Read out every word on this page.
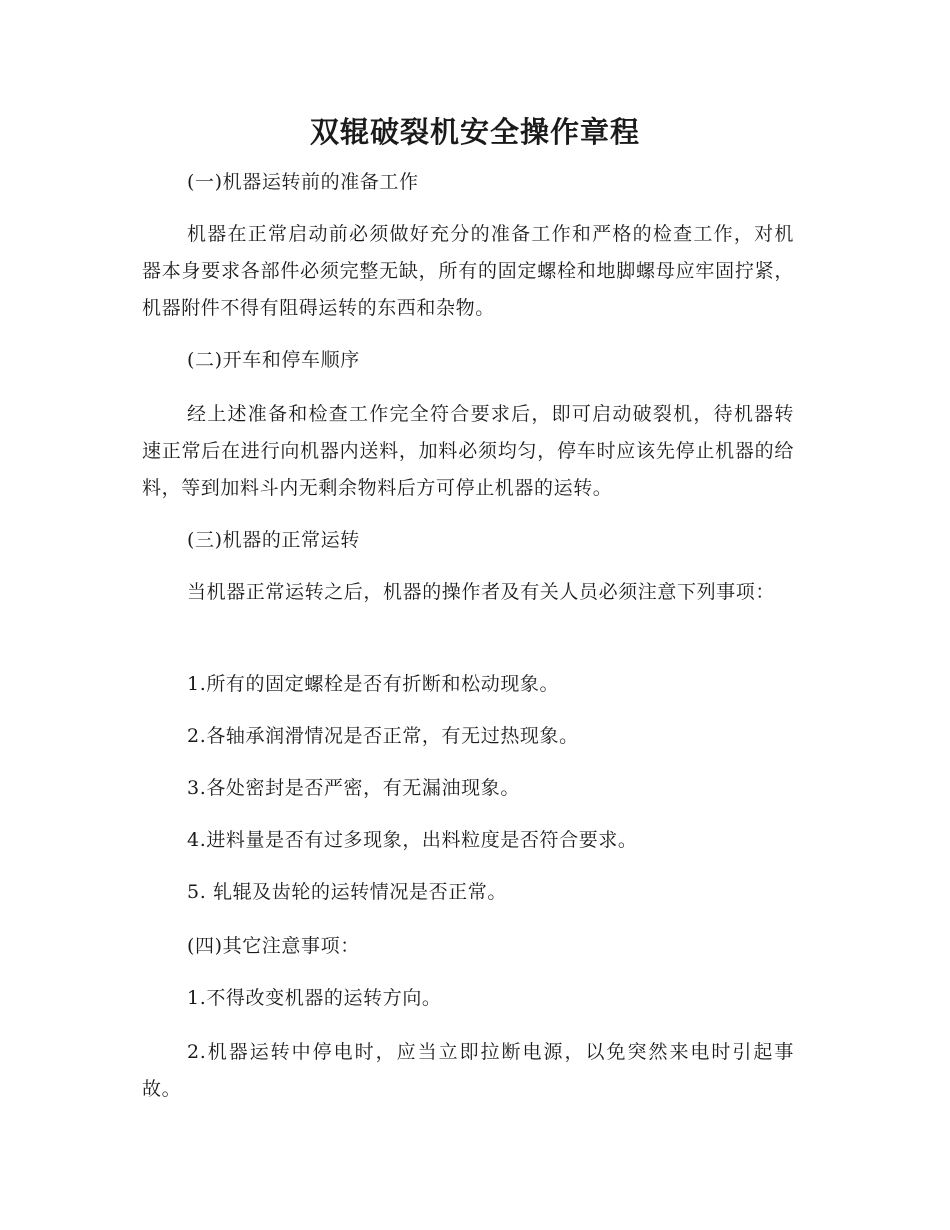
双辊破裂机安全操作章程

(一)机器运转前的准备工作

机器在正常启动前必须做好充分的准备工作和严格的检查工作，对机器本身要求各部件必须完整无缺，所有的固定螺栓和地脚螺母应牢固拧紧，机器附件不得有阻碍运转的东西和杂物。

(二)开车和停车顺序

经上述准备和检查工作完全符合要求后，即可启动破裂机，待机器转速正常后在进行向机器内送料，加料必须均匀，停车时应该先停止机器的给料，等到加料斗内无剩余物料后方可停止机器的运转。

(三)机器的正常运转

当机器正常运转之后，机器的操作者及有关人员必须注意下列事项：

1.所有的固定螺栓是否有折断和松动现象。

2.各轴承润滑情况是否正常，有无过热现象。

3.各处密封是否严密，有无漏油现象。

4.进料量是否有过多现象，出料粒度是否符合要求。

5. 轧辊及齿轮的运转情况是否正常。

(四)其它注意事项：

1.不得改变机器的运转方向。

2.机器运转中停电时，应当立即拉断电源，以免突然来电时引起事故。
